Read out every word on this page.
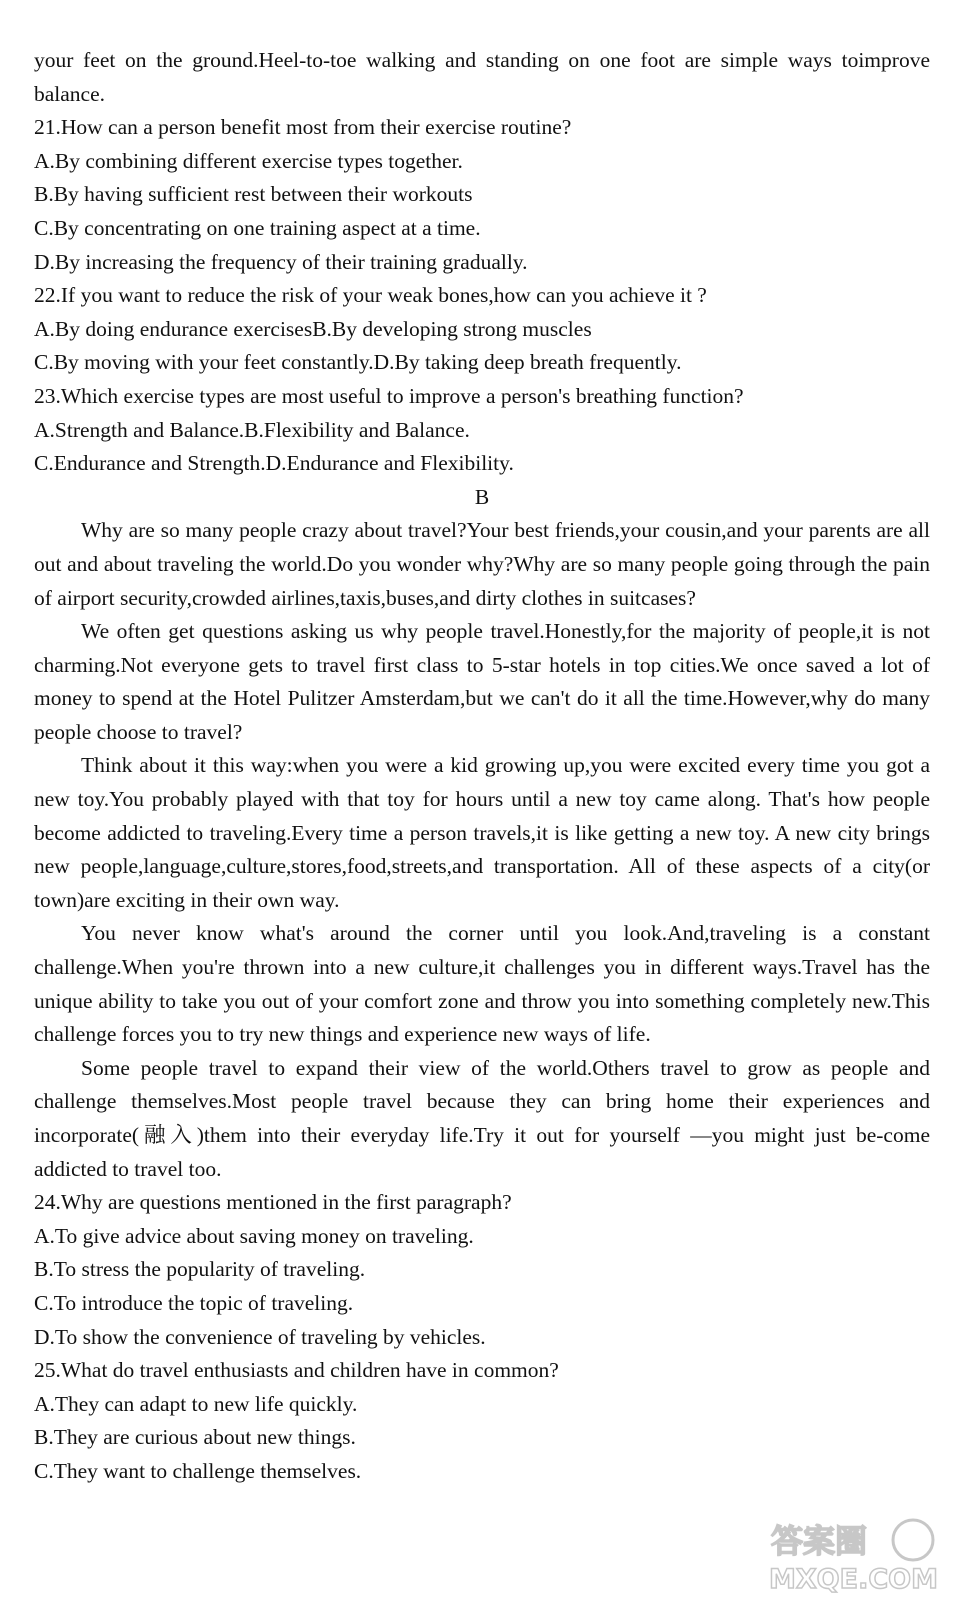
your feet on the ground.Heel-to-toe walking and standing on one foot are simple ways toimprove balance.

21.How can a person benefit most from their exercise routine?
A.By combining different exercise types together.
B.By having sufficient rest between their workouts
C.By concentrating on one training aspect at a time.
D.By increasing the frequency of their training gradually.
22.If you want to reduce the risk of your weak bones,how can you achieve it ?
A.By doing endurance exercisesB.By developing strong muscles
C.By moving with your feet constantly.D.By taking deep breath frequently.
23.Which exercise types are most useful to improve a person's breathing function?
A.Strength and Balance.B.Flexibility and Balance.
C.Endurance and Strength.D.Endurance and Flexibility.
B

Why are so many people crazy about travel?Your best friends,your cousin,and your parents are all out and about traveling the world.Do you wonder why?Why are so many people going through the pain of airport security,crowded airlines,taxis,buses,and dirty clothes in suitcases?

We often get questions asking us why people travel.Honestly,for the majority of people,it is not charming.Not everyone gets to travel first class to 5-star hotels in top cities.We once saved a lot of money to spend at the Hotel Pulitzer Amsterdam,but we can't do it all the time.However,why do many people choose to travel?

Think about it this way:when you were a kid growing up,you were excited every time you got a new toy.You probably played with that toy for hours until a new toy came along. That's how people become addicted to traveling.Every time a person travels,it is like getting a new toy. A new city brings new people,language,culture,stores,food,streets,and transportation. All of these aspects of a city(or town)are exciting in their own way.

You never know what's around the corner until you look.And,traveling is a constant challenge.When you're thrown into a new culture,it challenges you in different ways.Travel has the unique ability to take you out of your comfort zone and throw you into something completely new.This challenge forces you to try new things and experience new ways of life.

Some people travel to expand their view of the world.Others travel to grow as people and challenge themselves.Most people travel because they can bring home their experiences and incorporate(融入)them into their everyday life.Try it out for yourself —you might just be-come addicted to travel too.

24.Why are questions mentioned in the first paragraph?
A.To give advice about saving money on traveling.
B.To stress the popularity of traveling.
C.To introduce the topic of traveling.
D.To show the convenience of traveling by vehicles.
25.What do travel enthusiasts and children have in common?
A.They can adapt to new life quickly.
B.They are curious about new things.
C.They want to challenge themselves.
答案圈
MXQE.COM
